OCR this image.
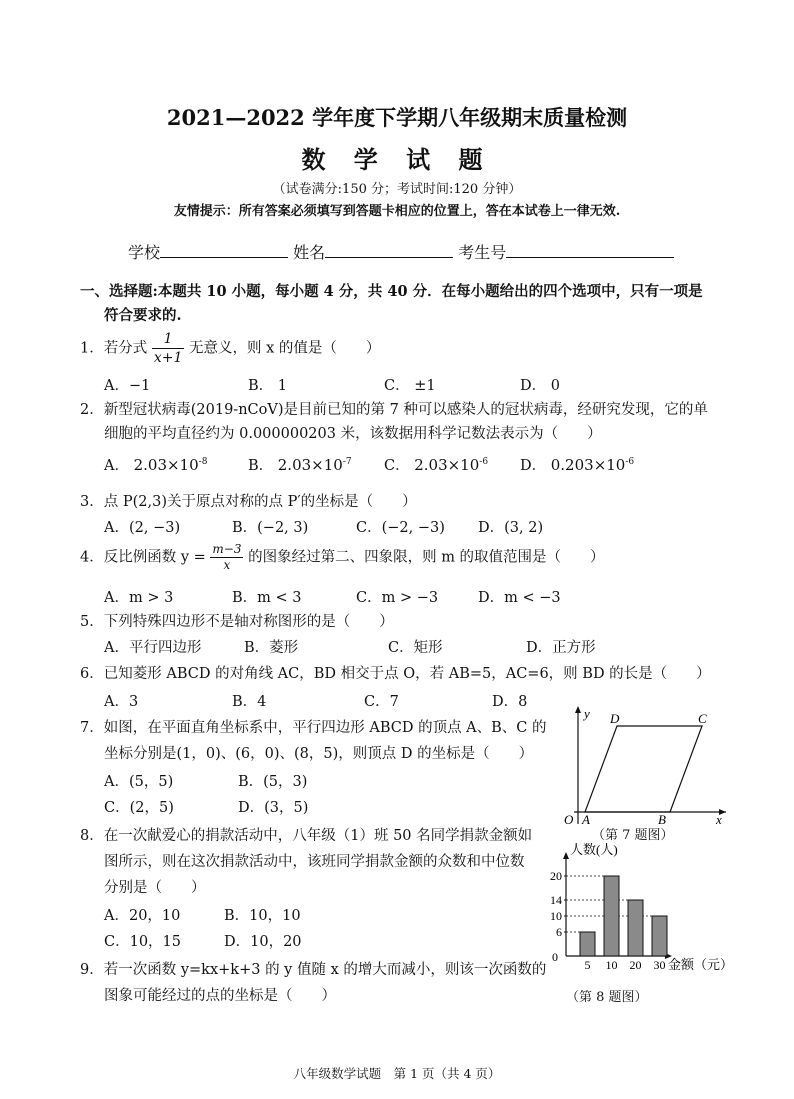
2021—2022 学年度下学期八年级期末质量检测
数 学 试 题
（试卷满分:150 分；考试时间:120 分钟）
友情提示：所有答案必须填写到答题卡相应的位置上，答在本试卷上一律无效.
学校	姓名	考生号
一、选择题:本题共 10 小题，每小题 4 分，共 40 分．在每小题给出的四个选项中，只有一项是
符合要求的.
1．若分式 $\frac{1}{x+1}$ 无意义，则 x 的值是（　　）
A．−1	B． 1	C． ±1	D． 0
2．新型冠状病毒(2019-nCoV)是目前已知的第 7 种可以感染人的冠状病毒，经研究发现，它的单
细胞的平均直径约为 0.000000203 米，该数据用科学记数法表示为（　　）
A． $2.03\times 10^{-8}$	B． $2.03\times 10^{-7}$ C． $2.03\times 10^{-6}$ D． $0.203\times 10^{-6}$
3．点 P(2,3)关于原点对称的点 P′的坐标是（　　）
A．(2, −3)	B．(−2, 3)	C．(−2, −3) D．(3, 2)
4．反比例函数 $y = \frac{m-3}{x}$ 的图象经过第二、四象限，则 m 的取值范围是（　　）
A．m > 3	B．m < 3	C．m > −3	D．m < −3
5．下列特殊四边形不是轴对称图形的是（　　）
A．平行四边形	B．菱形	C．矩形	D．正方形
6．已知菱形 ABCD 的对角线 AC，BD 相交于点 O，若 AB=5，AC=6，则 BD 的长是（　　）
A．3	B．4	C．7	D．8
7．如图，在平面直角坐标系中，平行四边形 ABCD 的顶点 A、B、C 的
坐标分别是(1，0)、(6，0)、(8，5)，则顶点 D 的坐标是（　　）
A．(5，5)	B．(5，3)
C．(2，5)	D．(3，5)
y
x
O A	B
C
D
（第 7 题图）
8．在一次献爱心的捐款活动中，八年级（1）班 50 名同学捐款金额如
图所示，则在这次捐款活动中，该班同学捐款金额的众数和中位数
分别是（　　）
A．20，10	B．10，10
C．10，15	D．10，20
人数(人)
金额（元）
0
6
10
14
20
5 10 20 30
（第 8 题图）
9．若一次函数 y=kx+k+3 的 y 值随 x 的增大而减小，则该一次函数的
图象可能经过的点的坐标是（　　）
八年级数学试题　第 1 页（共 4 页）
